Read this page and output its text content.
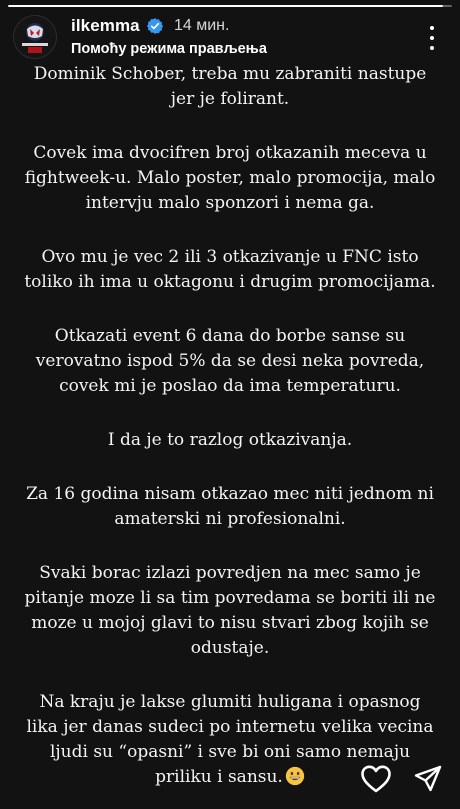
ilkemma 14 мин.
Помоћу режима прављења

Dominik Schober, treba mu zabraniti nastupe jer je folirant.

Covek ima dvocifren broj otkazanih meceva u fightweek-u. Malo poster, malo promocija, malo intervju malo sponzori i nema ga.

Ovo mu je vec 2 ili 3 otkazivanje u FNC isto toliko ih ima u oktagonu i drugim promocijama.

Otkazati event 6 dana do borbe sanse su verovatno ispod 5% da se desi neka povreda, covek mi je poslao da ima temperaturu.

I da je to razlog otkazivanja.

Za 16 godina nisam otkazao mec niti jednom ni amaterski ni profesionalni.

Svaki borac izlazi povredjen na mec samo je pitanje moze li sa tim povredama se boriti ili ne moze u mojoj glavi to nisu stvari zbog kojih se odustaje.

Na kraju je lakse glumiti huligana i opasnog lika jer danas sudeci po internetu velika vecina ljudi su “opasni” i sve bi oni samo nemaju priliku i sansu.
